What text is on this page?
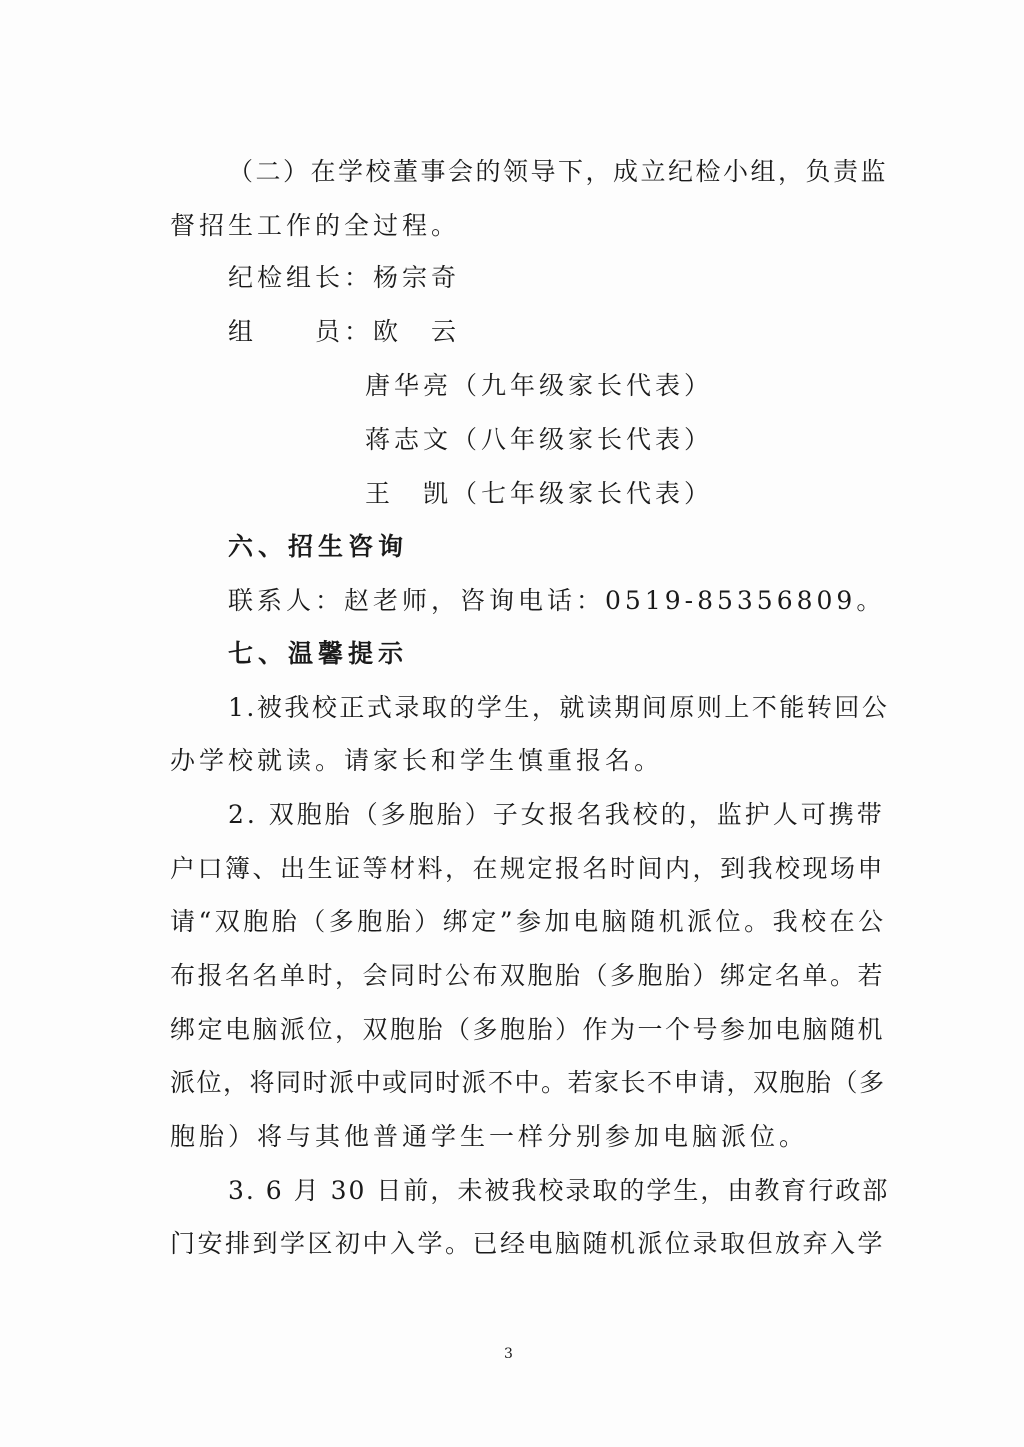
（二）在学校董事会的领导下，成立纪检小组，负责监
督招生工作的全过程。
纪检组长：杨宗奇
组　　员：欧　云
唐华亮（九年级家长代表）
蒋志文（八年级家长代表）
王　凯（七年级家长代表）
六、招生咨询
联系人：赵老师，咨询电话：0519-85356809。
七、温馨提示
1.被我校正式录取的学生，就读期间原则上不能转回公
办学校就读。请家长和学生慎重报名。
2. 双胞胎（多胞胎）子女报名我校的，监护人可携带
户口簿、出生证等材料，在规定报名时间内，到我校现场申
请“双胞胎（多胞胎）绑定”参加电脑随机派位。我校在公
布报名名单时，会同时公布双胞胎（多胞胎）绑定名单。若
绑定电脑派位，双胞胎（多胞胎）作为一个号参加电脑随机
派位，将同时派中或同时派不中。若家长不申请，双胞胎（多
胞胎）将与其他普通学生一样分别参加电脑派位。
3. 6 月 30 日前，未被我校录取的学生，由教育行政部
门安排到学区初中入学。已经电脑随机派位录取但放弃入学
3
